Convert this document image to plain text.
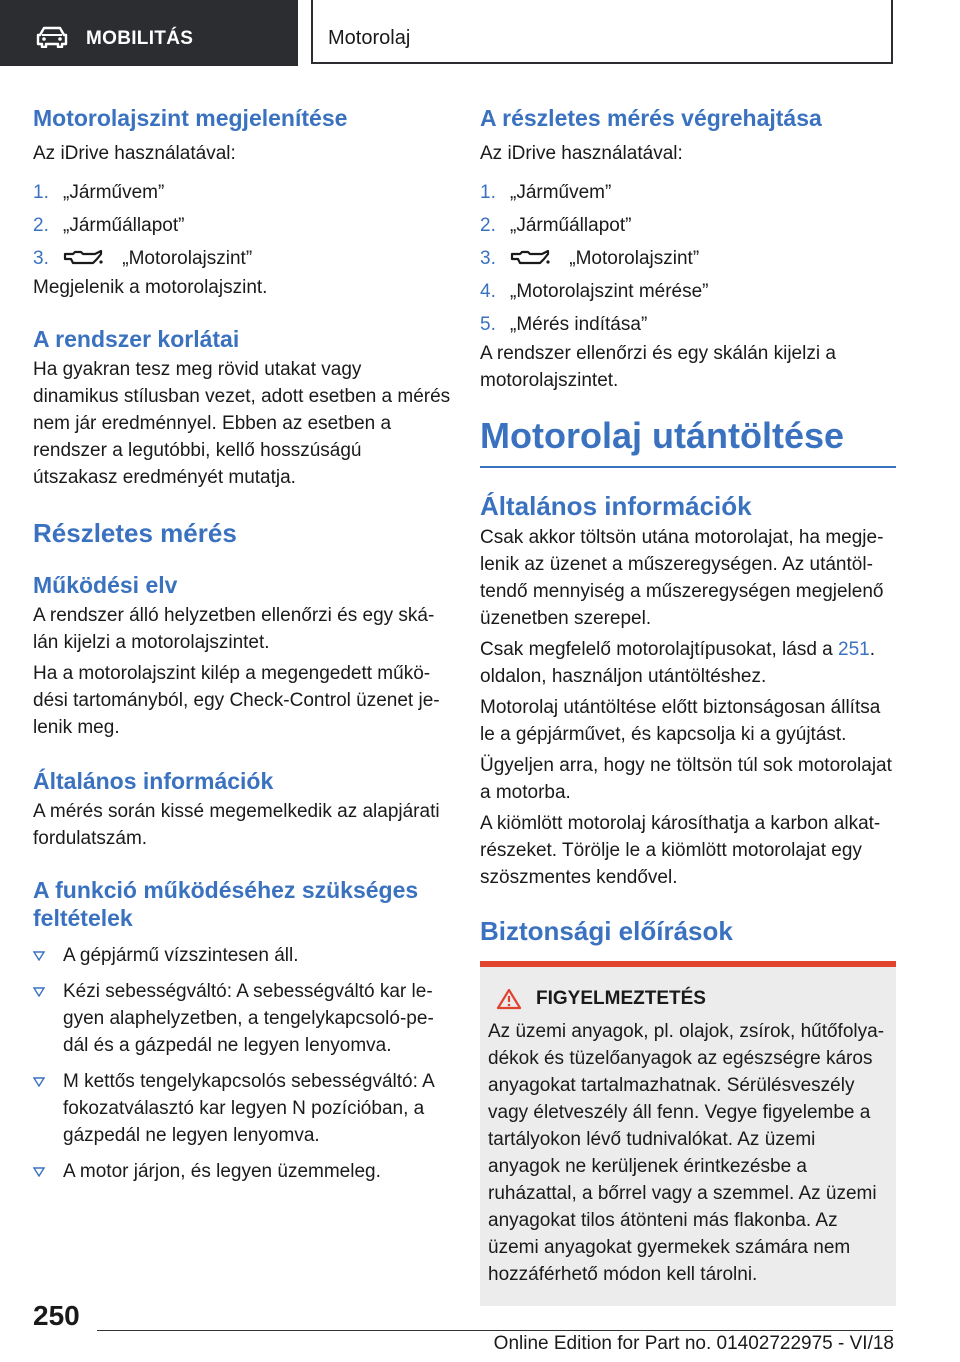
MOBILITÁS	Motorolaj
Motorolajszint megjelenítése

Az iDrive használatával:

1. „Járművem”
2. „Járműállapot”
3.	„Motorolajszint”

Megjelenik a motorolajszint.

A rendszer korlátai

Ha gyakran tesz meg rövid utakat vagy dinamikus stílusban vezet, adott esetben a mérés nem jár eredménnyel. Ebben az esetben a rendszer a legutóbbi, kellő hosszúságú útszakasz eredményét mutatja.

Részletes mérés
Működési elv

A rendszer álló helyzetben ellenőrzi és egy skálán kijelzi a motorolajszintet.

Ha a motorolajszint kilép a megengedett működési tartományból, egy Check-Control üzenet jelenik meg.

Általános információk

A mérés során kissé megemelkedik az alapjárati fordulatszám.

A funkció működéséhez szükséges feltételek
A gépjármű vízszintesen áll.
Kézi sebességváltó: A sebességváltó kar legyen alaphelyzetben, a tengelykapcsoló-pedál és a gázpedál ne legyen lenyomva.
M kettős tengelykapcsolós sebességváltó: A fokozatválasztó kar legyen N pozícióban, a gázpedál ne legyen lenyomva.
A motor járjon, és legyen üzemmeleg.
A részletes mérés végrehajtása

Az iDrive használatával:

1. „Járművem”
2. „Járműállapot”
3.	„Motorolajszint”
4. „Motorolajszint mérése”
5. „Mérés indítása”

A rendszer ellenőrzi és egy skálán kijelzi a motorolajszintet.

Motorolaj utántöltése
Általános információk

Csak akkor töltsön utána motorolajat, ha megjelenik az üzenet a műszeregységen. Az utántöltendő mennyiség a műszeregységen megjelenő üzenetben szerepel.

Csak megfelelő motorolajtípusokat, lásd a 251. oldalon, használjon utántöltéshez.

Motorolaj utántöltése előtt biztonságosan állítsa le a gépjárművet, és kapcsolja ki a gyújtást.

Ügyeljen arra, hogy ne töltsön túl sok motorolajat a motorba.

A kiömlött motorolaj károsíthatja a karbon alkatrészeket. Törölje le a kiömlött motorolajat egy szöszmentes kendővel.

Biztonsági előírások
FIGYELMEZTETÉS
Az üzemi anyagok, pl. olajok, zsírok, hűtőfolyadékok és tüzelőanyagok az egészségre káros anyagokat tartalmazhatnak. Sérülésveszély vagy életveszély áll fenn. Vegye figyelembe a tartályokon lévő tudnivalókat. Az üzemi anyagok ne kerüljenek érintkezésbe a ruházattal, a bőrrel vagy a szemmel. Az üzemi anyagokat tilos átönteni más flakonba. Az üzemi anyagokat gyermekek számára nem hozzáférhető módon kell tárolni.
250
Online Edition for Part no. 01402722975 - VI/18
